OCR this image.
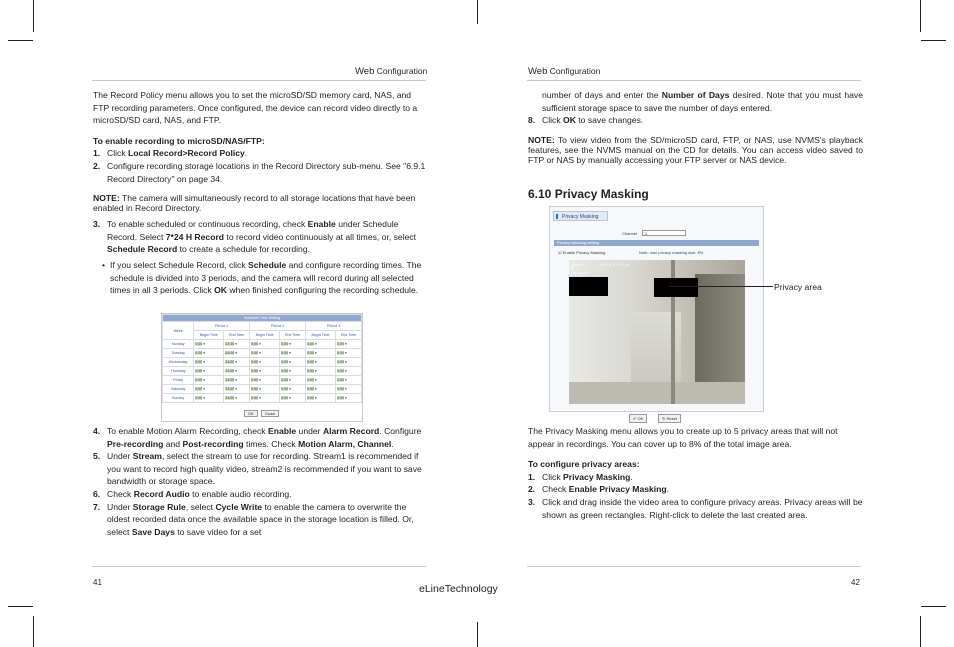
Web Configuration

The Record Policy menu allows you to set the microSD/SD memory card, NAS, and FTP recording parameters. Once configured, the device can record video directly to a microSD/SD card, NAS, and FTP.

To enable recording to microSD/NAS/FTP:

1. Click Local Record>Record Policy.

2. Configure recording storage locations in the Record Directory sub-menu. See "6.9.1 Record Directory" on page 34.

NOTE: The camera will simultaneously record to all storage locations that have been enabled in Record Directory.

3. To enable scheduled or continuous recording, check Enable under Schedule Record. Select 7*24 H Record to record video continuously at all times, or, select Schedule Record to create a schedule for recording.

• If you select Schedule Record, click Schedule and configure recording times. The schedule is divided into 3 periods, and the camera will record during all selected times in all 3 periods. Click OK when finished configuring the recording schedule.

Schedule Time Setting						
Week	Period 1		Period 2		Period 3	
	Begin Time	End Time	Begin Time	End Time	Begin Time	End Time
Monday	0:00 ▾	23:30 ▾	0:00 ▾	0:00 ▾	0:00 ▾	0:00 ▾
Tuesday	0:00 ▾	24:00 ▾	0:00 ▾	0:00 ▾	0:00 ▾	0:00 ▾
Wednesday	0:00 ▾	24:00 ▾	0:00 ▾	0:00 ▾	0:00 ▾	0:00 ▾
Thursday	0:00 ▾	24:00 ▾	0:00 ▾	0:00 ▾	0:00 ▾	0:00 ▾
Friday	0:00 ▾	24:00 ▾	0:00 ▾	0:00 ▾	0:00 ▾	0:00 ▾
Saturday	0:00 ▾	24:00 ▾	0:00 ▾	0:00 ▾	0:00 ▾	0:00 ▾
Sunday	0:00 ▾	24:00 ▾	0:00 ▾	0:00 ▾	0:00 ▾	0:00 ▾
OK	Close

4. To enable Motion Alarm Recording, check Enable under Alarm Record. Configure Pre-recording and Post-recording times. Check Motion Alarm, Channel.

5. Under Stream, select the stream to use for recording. Stream1 is recommended if you want to record high quality video, stream2 is recommended if you want to save bandwidth or storage space.

6. Check Record Audio to enable audio recording.

7. Under Storage Rule, select Cycle Write to enable the camera to overwrite the oldest recorded data once the available space in the storage location is filled. Or, select Save Days to save video for a set

41
Web Configuration

number of days and enter the Number of Days desired. Note that you must have sufficient storage space to save the number of days entered.

8. Click OK to save changes.

NOTE: To view video from the SD/microSD card, FTP, or NAS, use NVMS's playback features, see the NVMS manual on the CD for details. You can access video saved to FTP or NAS by manually accessing your FTP server or NAS device.

6.10 Privacy Masking
Privacy Masking
Channel	1
Privacy Masking setting
☑ Enable Privacy Masking	Note: max privacy masking size: 8%
Camera
IP
Entergy IP
2014-06-11 15:31:15
✔ OK	↻ Reset
Privacy area

The Privacy Masking menu allows you to create up to 5 privacy areas that will not appear in recordings. You can cover up to 8% of the total image area.

To configure privacy areas:

1. Click Privacy Masking.

2. Check Enable Privacy Masking.

3. Click and drag inside the video area to configure privacy areas. Privacy areas will be shown as green rectangles. Right-click to delete the last created area.

42
eLineTechnology
